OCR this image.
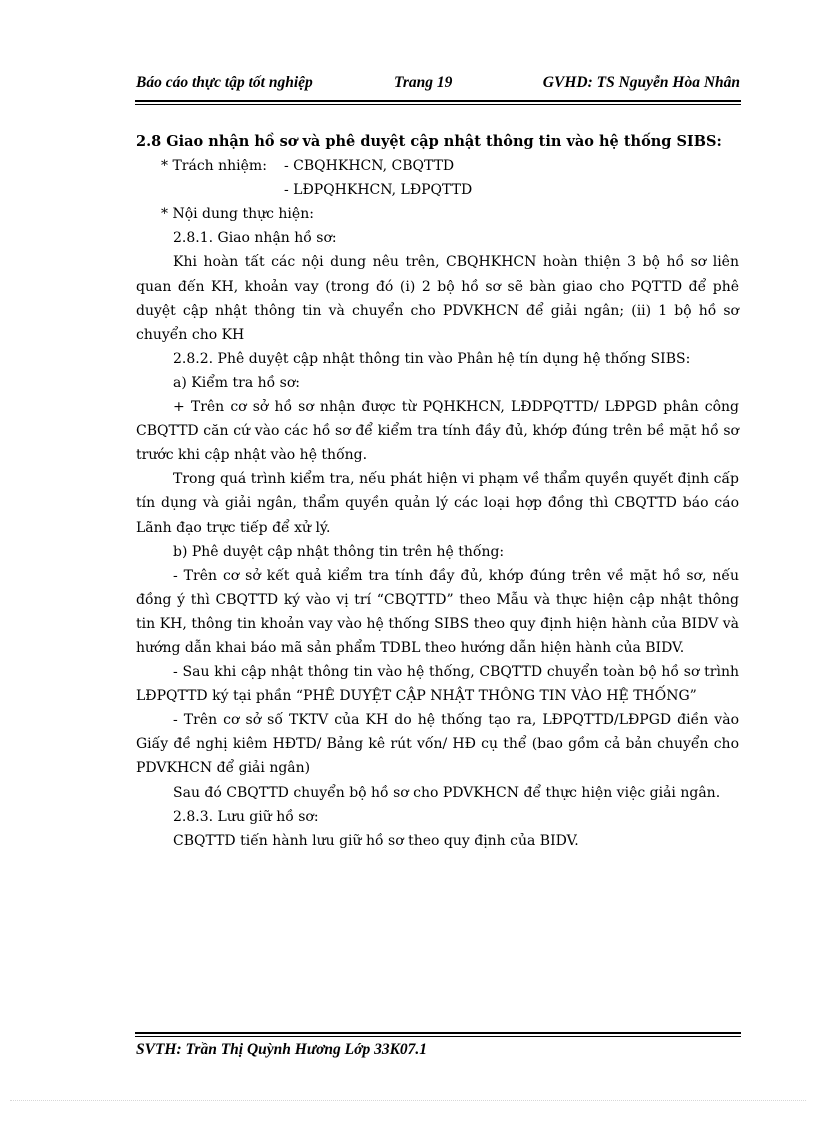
Báo cáo thực tập tốt nghiệp	Trang 19	GVHD: TS Nguyễn Hòa Nhân

2.8 Giao nhận hồ sơ và phê duyệt cập nhật thông tin vào hệ thống SIBS:

* Trách nhiệm: - CBQHKHCN, CBQTTD
- LĐPQHKHCN, LĐPQTTD

* Nội dung thực hiện:

2.8.1. Giao nhận hồ sơ:

Khi hoàn tất các nội dung nêu trên, CBQHKHCN hoàn thiện 3 bộ hồ sơ liên quan đến KH, khoản vay (trong đó (i) 2 bộ hồ sơ sẽ bàn giao cho PQTTD để phê duyệt cập nhật thông tin và chuyển cho PDVKHCN để giải ngân; (ii) 1 bộ hồ sơ chuyển cho KH

2.8.2. Phê duyệt cập nhật thông tin vào Phân hệ tín dụng hệ thống SIBS:

a) Kiểm tra hồ sơ:

+ Trên cơ sở hồ sơ nhận được từ PQHKHCN, LĐDPQTTD/ LĐPGD phân công CBQTTD căn cứ vào các hồ sơ để kiểm tra tính đầy đủ, khớp đúng trên bề mặt hồ sơ trước khi cập nhật vào hệ thống.

Trong quá trình kiểm tra, nếu phát hiện vi phạm về thẩm quyền quyết định cấp tín dụng và giải ngân, thẩm quyền quản lý các loại hợp đồng thì CBQTTD báo cáo Lãnh đạo trực tiếp để xử lý.

b) Phê duyệt cập nhật thông tin trên hệ thống:

- Trên cơ sở kết quả kiểm tra tính đầy đủ, khớp đúng trên về mặt hồ sơ, nếu đồng ý thì CBQTTD ký vào vị trí “CBQTTD” theo Mẫu và thực hiện cập nhật thông tin KH, thông tin khoản vay vào hệ thống SIBS theo quy định hiện hành của BIDV và hướng dẫn khai báo mã sản phẩm TDBL theo hướng dẫn hiện hành của BIDV.

- Sau khi cập nhật thông tin vào hệ thống, CBQTTD chuyển toàn bộ hồ sơ trình LĐPQTTD ký tại phần “PHÊ DUYỆT CẬP NHẬT THÔNG TIN VÀO HỆ THỐNG”

- Trên cơ sở số TKTV của KH do hệ thống tạo ra, LĐPQTTD/LĐPGD điền vào Giấy đề nghị kiêm HĐTD/ Bảng kê rút vốn/ HĐ cụ thể (bao gồm cả bản chuyển cho PDVKHCN để giải ngân)

Sau đó CBQTTD chuyển bộ hồ sơ cho PDVKHCN để thực hiện việc giải ngân.

2.8.3. Lưu giữ hồ sơ:

CBQTTD tiến hành lưu giữ hồ sơ theo quy định của BIDV.

SVTH: Trần Thị Quỳnh Hương Lớp 33K07.1
